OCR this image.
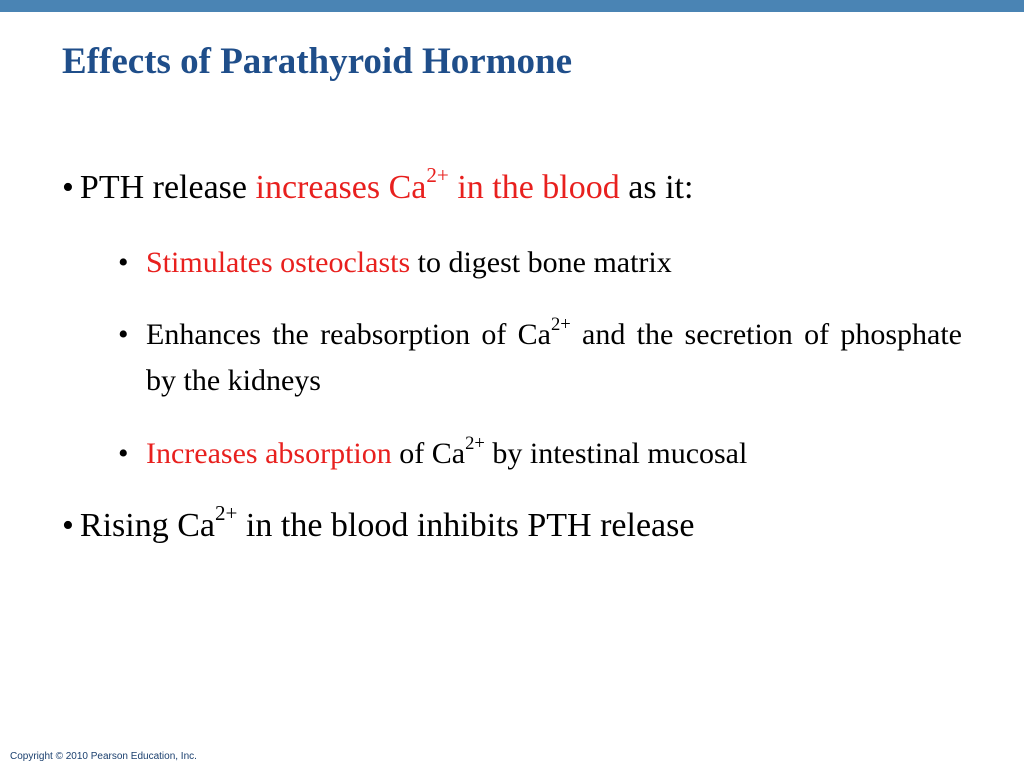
Effects of Parathyroid Hormone
• PTH release increases $Ca^{2+}$ in the blood as it:
• Stimulates osteoclasts to digest bone matrix
• Enhances the reabsorption of $Ca^{2+}$ and the secretion of phosphate by the kidneys
• Increases absorption of $Ca^{2+}$ by intestinal mucosal
• Rising $Ca^{2+}$ in the blood inhibits PTH release
Copyright © 2010 Pearson Education, Inc.
